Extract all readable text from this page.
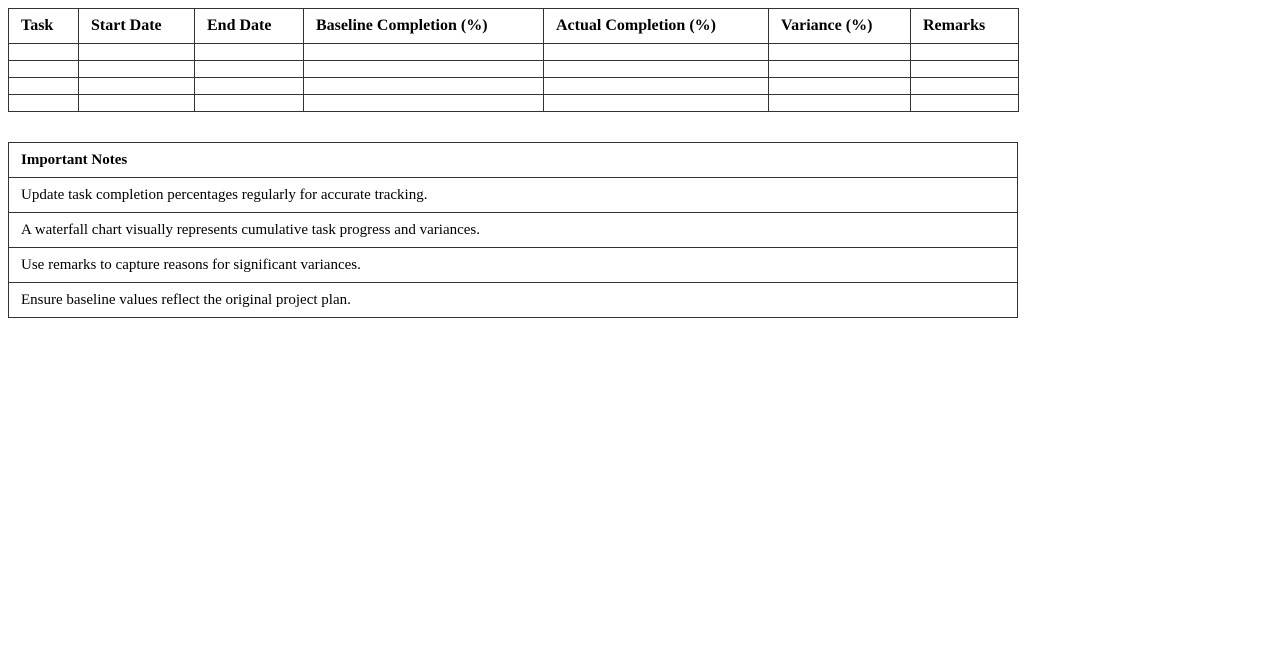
Task	Start Date	End Date	Baseline Completion (%)	Actual Completion (%)	Variance (%)	Remarks

Important Notes
Update task completion percentages regularly for accurate tracking.
A waterfall chart visually represents cumulative task progress and variances.
Use remarks to capture reasons for significant variances.
Ensure baseline values reflect the original project plan.
